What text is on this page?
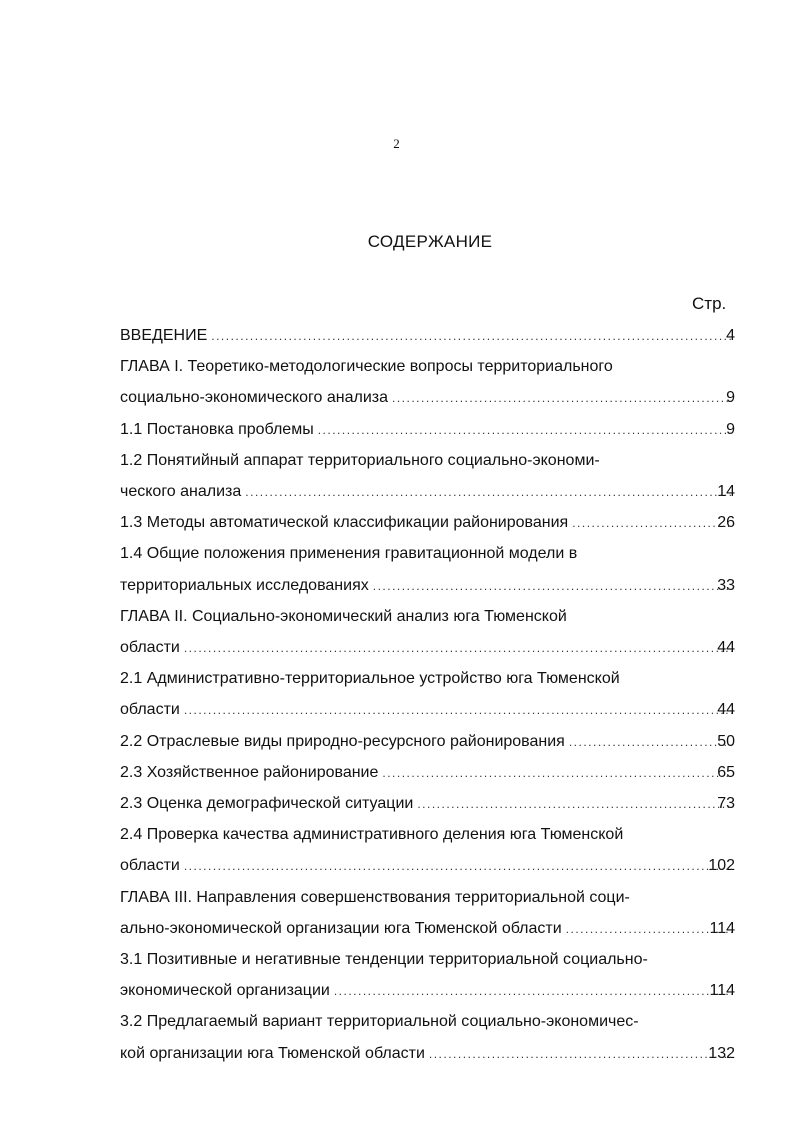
2
СОДЕРЖАНИЕ
Стр.
4
ВВЕДЕНИЕ
.....
ГЛАВА I. Теоретико-методологические вопросы территориального
9
социально-экономического анализа
.....
9
1.1 Постановка проблемы
.....
1.2 Понятийный аппарат территориального социально-экономи-
14
ческого анализа
.....
26
1.3 Методы автоматической классификации районирования
.....
1.4 Общие положения применения гравитационной модели в
33
территориальных исследованиях
.....
ГЛАВА II. Социально-экономический анализ юга Тюменской
44
области
.....
2.1 Административно-территориальное устройство юга Тюменской
44
области
.....
50
2.2 Отраслевые виды природно-ресурсного районирования
.....
65
2.3 Хозяйственное районирование
.....
73
2.3 Оценка демографической ситуации
.....
2.4 Проверка качества административного деления юга Тюменской
102
области
.....
ГЛАВА III. Направления совершенствования территориальной соци-
114
ально-экономической организации юга Тюменской области
.....
3.1 Позитивные и негативные тенденции территориальной социально-
114
экономической организации
.....
3.2 Предлагаемый вариант территориальной социально-экономичес-
132
кой организации юга Тюменской области
.....
